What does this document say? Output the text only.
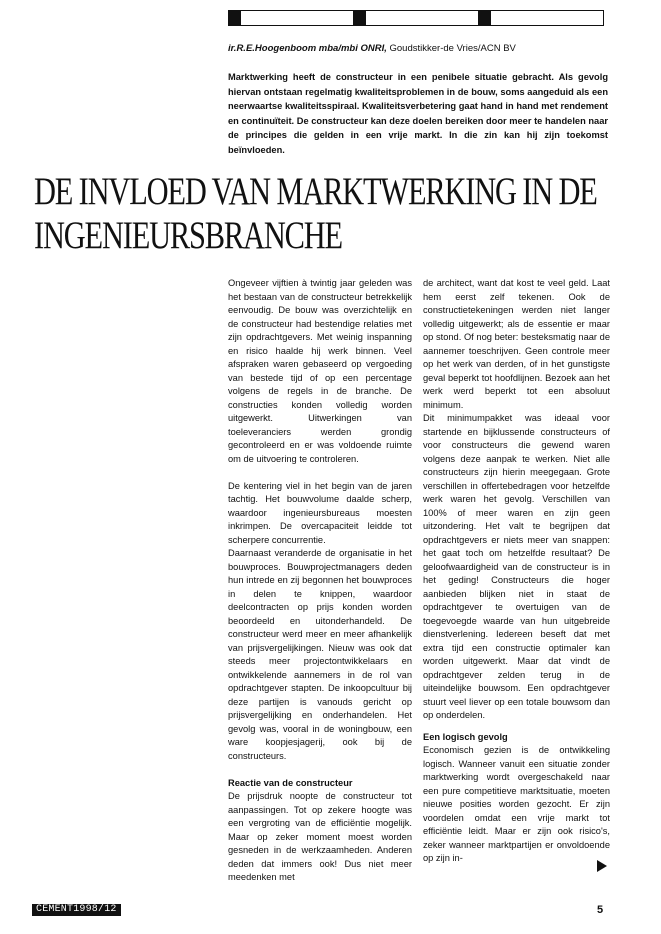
ir.R.E.Hoogenboom mba/mbi ONRI, Goudstikker-de Vries/ACN BV
Marktwerking heeft de constructeur in een penibele situatie gebracht. Als gevolg hiervan ontstaan regelmatig kwaliteitsproblemen in de bouw, soms aangeduid als een neerwaartse kwaliteitsspiraal. Kwaliteitsverbetering gaat hand in hand met rendement en continuïteit. De constructeur kan deze doelen bereiken door meer te handelen naar de principes die gelden in een vrije markt. In die zin kan hij zijn toekomst beïnvloeden.
DE INVLOED VAN MARKTWERKING IN DE
INGENIEURSBRANCHE

Ongeveer vijftien à twintig jaar geleden was het bestaan van de constructeur betrekkelijk eenvoudig. De bouw was overzichtelijk en de constructeur had bestendige relaties met zijn opdrachtgevers. Met weinig inspanning en risico haalde hij werk binnen. Veel afspraken waren gebaseerd op vergoeding van bestede tijd of op een percentage volgens de regels in de branche. De constructies konden volledig worden uitgewerkt. Uitwerkingen van toeleveranciers werden grondig gecontroleerd en er was voldoende ruimte om de uitvoering te controleren.

De kentering viel in het begin van de jaren tachtig. Het bouwvolume daalde scherp, waardoor ingenieursbureaus moesten inkrimpen. De overcapaciteit leidde tot scherpere concurrentie.

Daarnaast veranderde de organisatie in het bouwproces. Bouwprojectmanagers deden hun intrede en zij begonnen het bouwproces in delen te knippen, waardoor deelcontracten op prijs konden worden beoordeeld en uitonderhandeld. De constructeur werd meer en meer afhankelijk van prijsvergelijkingen. Nieuw was ook dat steeds meer projectontwikkelaars en ontwikkelende aannemers in de rol van opdrachtgever stapten. De inkoopcultuur bij deze partijen is vanouds gericht op prijsvergelijking en onderhandelen. Het gevolg was, vooral in de woningbouw, een ware koopjesjagerij, ook bij de constructeurs.

Reactie van de constructeur

De prijsdruk noopte de constructeur tot aanpassingen. Tot op zekere hoogte was een vergroting van de efficiëntie mogelijk. Maar op zeker moment moest worden gesneden in de werkzaamheden. Anderen deden dat immers ook! Dus niet meer meedenken met

de architect, want dat kost te veel geld. Laat hem eerst zelf tekenen. Ook de constructietekeningen werden niet langer volledig uitgewerkt; als de essentie er maar op stond. Of nog beter: besteksmatig naar de aannemer toeschrijven. Geen controle meer op het werk van derden, of in het gunstigste geval beperkt tot hoofdlijnen. Bezoek aan het werk werd beperkt tot een absoluut minimum.

Dit minimumpakket was ideaal voor startende en bijklussende constructeurs of voor constructeurs die gewend waren volgens deze aanpak te werken. Niet alle constructeurs zijn hierin meegegaan. Grote verschillen in offertebedragen voor hetzelfde werk waren het gevolg. Verschillen van 100% of meer waren en zijn geen uitzondering. Het valt te begrijpen dat opdrachtgevers er niets meer van snappen: het gaat toch om hetzelfde resultaat? De geloofwaardigheid van de constructeur is in het geding! Constructeurs die hoger aanbieden blijken niet in staat de opdrachtgever te overtuigen van de toegevoegde waarde van hun uitgebreide dienstverlening. Iedereen beseft dat met extra tijd een constructie optimaler kan worden uitgewerkt. Maar dat vindt de opdrachtgever zelden terug in de uiteindelijke bouwsom. Een opdrachtgever stuurt veel liever op een totale bouwsom dan op onderdelen.

Een logisch gevolg

Economisch gezien is de ontwikkeling logisch. Wanneer vanuit een situatie zonder marktwerking wordt overgeschakeld naar een pure competitieve marktsituatie, moeten nieuwe posities worden gezocht. Er zijn voordelen omdat een vrije markt tot efficiëntie leidt. Maar er zijn ook risico's, zeker wanneer marktpartijen er onvoldoende op zijn in-

CEMENT1998/12	5
